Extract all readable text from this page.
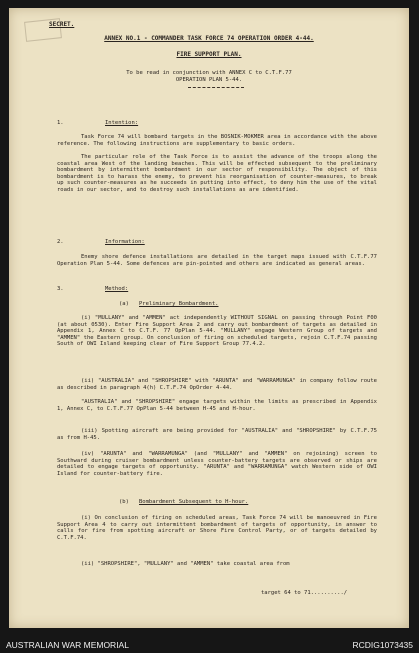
SECRET.
ANNEX NO.1 - COMMANDER TASK FORCE 74 OPERATION ORDER 4-44.
FIRE SUPPORT PLAN.
To be read in conjunction with ANNEX C to C.T.F.77
OPERATION PLAN 5-44.
1.	Intention:
Task Force 74 will bombard targets in the BOSNIK-MOKMER area in accordance with the above reference. The following instructions are supplementary to basic orders.
The particular role of the Task Force is to assist the advance of the troops along the coastal area West of the landing beaches. This will be effected subsequent to the preliminary bombardment by intermittent bombardment in our sector of responsibility. The object of this bombardment is to harass the enemy, to prevent his reorganisation of counter-measures, to break up such counter-measures as he succeeds in putting into effect, to deny him the use of the vital roads in our sector, and to destroy such installations as are identified.
2.	Information:
Enemy shore defence installations are detailed in the target maps issued with C.T.F.77 Operation Plan 5-44. Some defences are pin-pointed and others are indicated as general areas.
3.	Method:
(a) Preliminary Bombardment.
(i) "MULLANY" and "AMMEN" act independently WITHOUT SIGNAL on passing through Point F00 (at about 0530). Enter Fire Support Area 2 and carry out bombardment of targets as detailed in Appendix 1, Annex C to C.T.F. 77 OpPlan 5-44. "MULLANY" engage Western Group of targets and "AMMEN" the Eastern group. On conclusion of firing on scheduled targets, rejoin C.T.F.74 passing South of OWI Island keeping clear of Fire Support Group 77.4.2.
(ii) "AUSTRALIA" and "SHROPSHIRE" with "ARUNTA" and "WARRAMUNGA" in company follow route as described in paragraph 4(h) C.T.F.74 OpOrder 4-44.
"AUSTRALIA" and "SHROPSHIRE" engage targets within the limits as prescribed in Appendix 1, Annex C, to C.T.F.77 OpPlan 5-44 between H-45 and H-hour.
(iii) Spotting aircraft are being provided for "AUSTRALIA" and "SHROPSHIRE" by C.T.F.75 as from H-45.
(iv) "ARUNTA" and "WARRAMUNGA" (and "MULLANY" and "AMMEN" on rejoining) screen to Southward during cruiser bombardment unless counter-battery targets are observed or ships are detailed to engage targets of opportunity. "ARUNTA" and "WARRAMUNGA" watch Western side of OWI Island for counter-battery fire.
(b) Bombardment Subsequent to H-hour.
(i) On conclusion of firing on scheduled areas, Task Force 74 will be manoeuvred in Fire Support Area 4 to carry out intermittent bombardment of targets of opportunity, in answer to calls for fire from spotting aircraft or Shore Fire Control Party, or of targets detailed by C.T.F.74.
(ii) "SHROPSHIRE", "MULLANY" and "AMMEN" take coastal area from
target 64 to 71........../
AUSTRALIAN WAR MEMORIAL	RCDIG1073435
